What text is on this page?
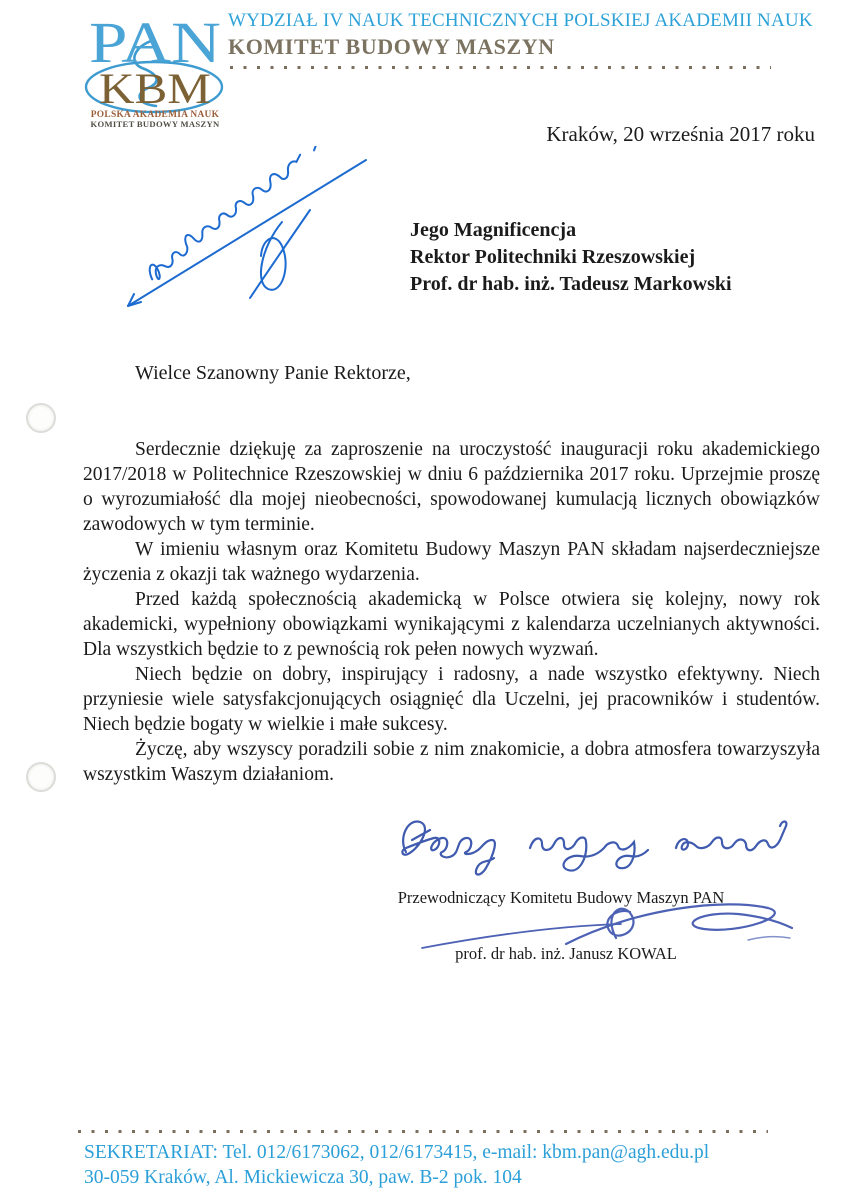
PAN
KBM
POLSKA AKADEMIA NAUK
KOMITET BUDOWY MASZYN
WYDZIAŁ IV NAUK TECHNICZNYCH POLSKIEJ AKADEMII NAUK
KOMITET BUDOWY MASZYN
Kraków, 20 września 2017 roku
Jego Magnificencja
Rektor Politechniki Rzeszowskiej
Prof. dr hab. inż. Tadeusz Markowski
Wielce Szanowny Panie Rektorze,

Serdecznie dziękuję za zaproszenie na uroczystość inauguracji roku akademickiego 2017/2018 w Politechnice Rzeszowskiej w dniu 6 października 2017 roku. Uprzejmie proszę o wyrozumiałość dla mojej nieobecności, spowodowanej kumulacją licznych obowiązków zawodowych w tym terminie.

W imieniu własnym oraz Komitetu Budowy Maszyn PAN składam najserdeczniejsze życzenia z okazji tak ważnego wydarzenia.

Przed każdą społecznością akademicką w Polsce otwiera się kolejny, nowy rok akademicki, wypełniony obowiązkami wynikającymi z kalendarza uczelnianych aktywności. Dla wszystkich będzie to z pewnością rok pełen nowych wyzwań.

Niech będzie on dobry, inspirujący i radosny, a nade wszystko efektywny. Niech przyniesie wiele satysfakcjonujących osiągnięć dla Uczelni, jej pracowników i studentów. Niech będzie bogaty w wielkie i małe sukcesy.

Życzę, aby wszyscy poradzili sobie z nim znakomicie, a dobra atmosfera towarzyszyła wszystkim Waszym działaniom.

Przewodniczący Komitetu Budowy Maszyn PAN
prof. dr hab. inż. Janusz KOWAL
SEKRETARIAT: Tel. 012/6173062, 012/6173415, e-mail: kbm.pan@agh.edu.pl
30-059 Kraków, Al. Mickiewicza 30, paw. B-2 pok. 104
